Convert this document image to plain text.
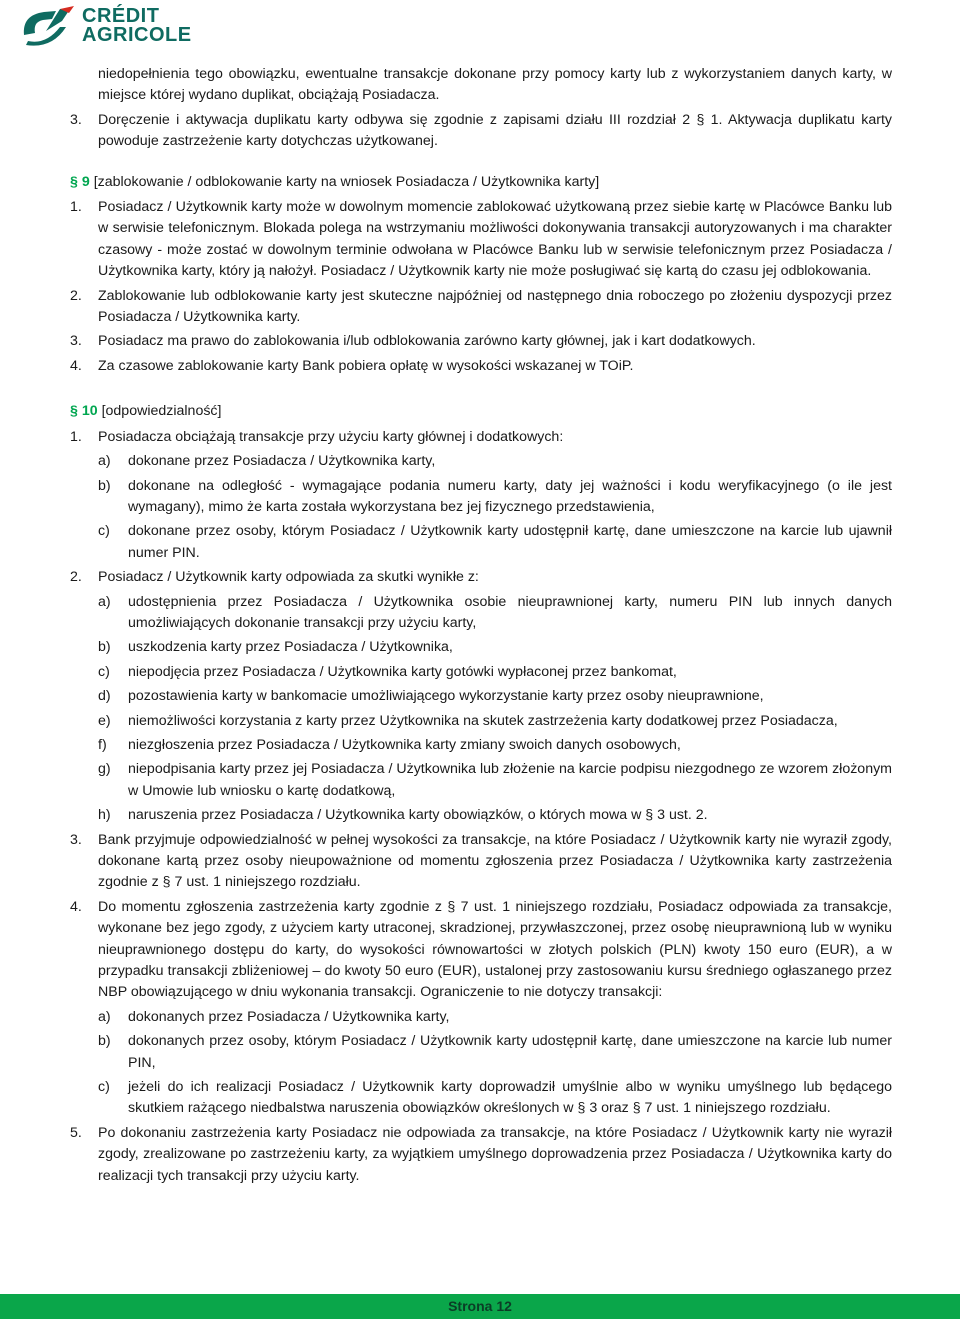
CRÉDIT
AGRICOLE
niedopełnienia tego obowiązku, ewentualne transakcje dokonane przy pomocy karty lub z wykorzystaniem danych karty, w miejsce której wydano duplikat, obciążają Posiadacza.
3.	Doręczenie i aktywacja duplikatu karty odbywa się zgodnie z zapisami działu III rozdział 2 § 1. Aktywacja duplikatu karty powoduje zastrzeżenie karty dotychczas użytkowanej.
§ 9 [zablokowanie / odblokowanie karty na wniosek Posiadacza / Użytkownika karty]
1.	Posiadacz / Użytkownik karty może w dowolnym momencie zablokować użytkowaną przez siebie kartę w Placówce Banku lub w serwisie telefonicznym. Blokada polega na wstrzymaniu możliwości dokonywania transakcji autoryzowanych i ma charakter czasowy - może zostać w dowolnym terminie odwołana w Placówce Banku lub w serwisie telefonicznym przez Posiadacza / Użytkownika karty, który ją nałożył. Posiadacz / Użytkownik karty nie może posługiwać się kartą do czasu jej odblokowania.
2.	Zablokowanie lub odblokowanie karty jest skuteczne najpóźniej od następnego dnia roboczego po złożeniu dyspozycji przez Posiadacza / Użytkownika karty.
3.	Posiadacz ma prawo do zablokowania i/lub odblokowania zarówno karty głównej, jak i kart dodatkowych.
4.	Za czasowe zablokowanie karty Bank pobiera opłatę w wysokości wskazanej w TOiP.
§ 10 [odpowiedzialność]
1.	Posiadacza obciążają transakcje przy użyciu karty głównej i dodatkowych:
a)	dokonane przez Posiadacza / Użytkownika karty,
b)	dokonane na odległość - wymagające podania numeru karty, daty jej ważności i kodu weryfikacyjnego (o ile jest wymagany), mimo że karta została wykorzystana bez jej fizycznego przedstawienia,
c)	dokonane przez osoby, którym Posiadacz / Użytkownik karty udostępnił kartę, dane umieszczone na karcie lub ujawnił numer PIN.
2.	Posiadacz / Użytkownik karty odpowiada za skutki wynikłe z:
a)	udostępnienia przez Posiadacza / Użytkownika osobie nieuprawnionej karty, numeru PIN lub innych danych umożliwiających dokonanie transakcji przy użyciu karty,
b)	uszkodzenia karty przez Posiadacza / Użytkownika,
c)	niepodjęcia przez Posiadacza / Użytkownika karty gotówki wypłaconej przez bankomat,
d)	pozostawienia karty w bankomacie umożliwiającego wykorzystanie karty przez osoby nieuprawnione,
e)	niemożliwości korzystania z karty przez Użytkownika na skutek zastrzeżenia karty dodatkowej przez Posiadacza,
f)	niezgłoszenia przez Posiadacza / Użytkownika karty zmiany swoich danych osobowych,
g)	niepodpisania karty przez jej Posiadacza / Użytkownika lub złożenie na karcie podpisu niezgodnego ze wzorem złożonym w Umowie lub wniosku o kartę dodatkową,
h)	naruszenia przez Posiadacza / Użytkownika karty obowiązków, o których mowa w § 3 ust. 2.
3.	Bank przyjmuje odpowiedzialność w pełnej wysokości za transakcje, na które Posiadacz / Użytkownik karty nie wyraził zgody, dokonane kartą przez osoby nieupoważnione od momentu zgłoszenia przez Posiadacza / Użytkownika karty zastrzeżenia zgodnie z § 7 ust. 1 niniejszego rozdziału.
4.	Do momentu zgłoszenia zastrzeżenia karty zgodnie z § 7 ust. 1 niniejszego rozdziału, Posiadacz odpowiada za transakcje, wykonane bez jego zgody, z użyciem karty utraconej, skradzionej, przywłaszczonej, przez osobę nieuprawnioną lub w wyniku nieuprawnionego dostępu do karty, do wysokości równowartości w złotych polskich (PLN) kwoty 150 euro (EUR), a w przypadku transakcji zbliżeniowej – do kwoty 50 euro (EUR), ustalonej przy zastosowaniu kursu średniego ogłaszanego przez NBP obowiązującego w dniu wykonania transakcji. Ograniczenie to nie dotyczy transakcji:
a)	dokonanych przez Posiadacza / Użytkownika karty,
b)	dokonanych przez osoby, którym Posiadacz / Użytkownik karty udostępnił kartę, dane umieszczone na karcie lub numer PIN,
c)	jeżeli do ich realizacji Posiadacz / Użytkownik karty doprowadził umyślnie albo w wyniku umyślnego lub będącego skutkiem rażącego niedbalstwa naruszenia obowiązków określonych w § 3 oraz § 7 ust. 1 niniejszego rozdziału.
5.	Po dokonaniu zastrzeżenia karty Posiadacz nie odpowiada za transakcje, na które Posiadacz / Użytkownik karty nie wyraził zgody, zrealizowane po zastrzeżeniu karty, za wyjątkiem umyślnego doprowadzenia przez Posiadacza / Użytkownika karty do realizacji tych transakcji przy użyciu karty.
Strona 12
